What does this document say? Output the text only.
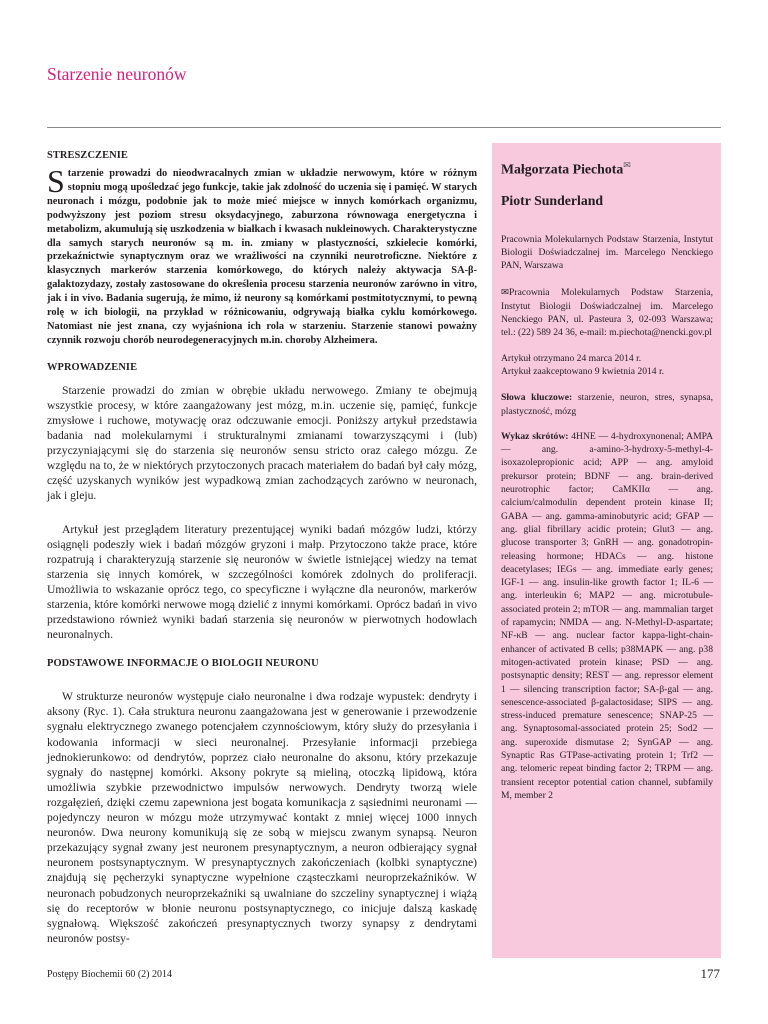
Starzenie neuronów
STRESZCZENIE

Starzenie prowadzi do nieodwracalnych zmian w układzie nerwowym, które w różnym stopniu mogą upośledzać jego funkcje, takie jak zdolność do uczenia się i pamięć. W starych neuronach i mózgu, podobnie jak to może mieć miejsce w innych komórkach organizmu, podwyższony jest poziom stresu oksydacyjnego, zaburzona równowaga energetyczna i metabolizm, akumulują się uszkodzenia w białkach i kwasach nukleinowych. Charakterystyczne dla samych starych neuronów są m. in. zmiany w plastyczności, szkielecie komórki, przekaźnictwie synaptycznym oraz we wrażliwości na czynniki neurotroficzne. Niektóre z klasycznych markerów starzenia komórkowego, do których należy aktywacja SA-β-galaktozydazy, zostały zastosowane do określenia procesu starzenia neuronów zarówno in vitro, jak i in vivo. Badania sugerują, że mimo, iż neurony są komórkami postmitotycznymi, to pewną rolę w ich biologii, na przykład w różnicowaniu, odgrywają białka cyklu komórkowego. Natomiast nie jest znana, czy wyjaśniona ich rola w starzeniu. Starzenie stanowi poważny czynnik rozwoju chorób neurodegeneracyjnych m.in. choroby Alzheimera.

WPROWADZENIE

Starzenie prowadzi do zmian w obrębie układu nerwowego. Zmiany te obejmują wszystkie procesy, w które zaangażowany jest mózg, m.in. uczenie się, pamięć, funkcje zmysłowe i ruchowe, motywację oraz odczuwanie emocji. Poniższy artykuł przedstawia badania nad molekularnymi i strukturalnymi zmianami towarzyszącymi i (lub) przyczyniającymi się do starzenia się neuronów sensu stricto oraz całego mózgu. Ze względu na to, że w niektórych przytoczonych pracach materiałem do badań był cały mózg, część uzyskanych wyników jest wypadkową zmian zachodzących zarówno w neuronach, jak i gleju.

Artykuł jest przeglądem literatury prezentującej wyniki badań mózgów ludzi, którzy osiągnęli podeszły wiek i badań mózgów gryzoni i małp. Przytoczono także prace, które rozpatrują i charakteryzują starzenie się neuronów w świetle istniejącej wiedzy na temat starzenia się innych komórek, w szczególności komórek zdolnych do proliferacji. Umożliwia to wskazanie oprócz tego, co specyficzne i wyłączne dla neuronów, markerów starzenia, które komórki nerwowe mogą dzielić z innymi komórkami. Oprócz badań in vivo przedstawiono również wyniki badań starzenia się neuronów w pierwotnych hodowlach neuronalnych.

PODSTAWOWE INFORMACJE O BIOLOGII NEURONU

W strukturze neuronów występuje ciało neuronalne i dwa rodzaje wypustek: dendryty i aksony (Ryc. 1). Cała struktura neuronu zaangażowana jest w generowanie i przewodzenie sygnału elektrycznego zwanego potencjałem czynnościowym, który służy do przesyłania i kodowania informacji w sieci neuronalnej. Przesyłanie informacji przebiega jednokierunkowo: od dendrytów, poprzez ciało neuronalne do aksonu, który przekazuje sygnały do następnej komórki. Aksony pokryte są mieliną, otoczką lipidową, która umożliwia szybkie przewodnictwo impulsów nerwowych. Dendryty tworzą wiele rozgałęzień, dzięki czemu zapewniona jest bogata komunikacja z sąsiednimi neuronami — pojedynczy neuron w mózgu może utrzymywać kontakt z mniej więcej 1000 innych neuronów. Dwa neurony komunikują się ze sobą w miejscu zwanym synapsą. Neuron przekazujący sygnał zwany jest neuronem presynaptycznym, a neuron odbierający sygnał neuronem postsynaptycznym. W presynaptycznych zakończeniach (kolbki synaptyczne) znajdują się pęcherzyki synaptyczne wypełnione cząsteczkami neuroprzekaźników. W neuronach pobudzonych neuroprzekaźniki są uwalniane do szczeliny synaptycznej i wiążą się do receptorów w błonie neuronu postsynaptycznego, co inicjuje dalszą kaskadę sygnałową. Większość zakończeń presynaptycznych tworzy synapsy z dendrytami neuronów postsy-

Małgorzata Piechota✉

Piotr Sunderland

Pracownia Molekularnych Podstaw Starzenia, Instytut Biologii Doświadczalnej im. Marcelego Nenckiego PAN, Warszawa

✉Pracownia Molekularnych Podstaw Starzenia, Instytut Biologii Doświadczalnej im. Marcelego Nenckiego PAN, ul. Pasteura 3, 02-093 Warszawa; tel.: (22) 589 24 36, e-mail: m.piechota@nencki.gov.pl

Artykuł otrzymano 24 marca 2014 r.

Artykuł zaakceptowano 9 kwietnia 2014 r.

Słowa kluczowe: starzenie, neuron, stres, synapsa, plastyczność, mózg

Wykaz skrótów: 4HNE — 4-hydroxynonenal; AMPA — ang. a-amino-3-hydroxy-5-methyl-4-isoxazolepropionic acid; APP — ang. amyloid prekursor protein; BDNF — ang. brain-derived neurotrophic factor; CaMKIIα — ang. calcium/calmodulin dependent protein kinase II; GABA — ang. gamma-aminobutyric acid; GFAP — ang. glial fibrillary acidic protein; Glut3 — ang. glucose transporter 3; GnRH — ang. gonadotropin-releasing hormone; HDACs — ang. histone deacetylases; IEGs — ang. immediate early genes; IGF-1 — ang. insulin-like growth factor 1; IL-6 — ang. interleukin 6; MAP2 — ang. microtubule-associated protein 2; mTOR — ang. mammalian target of rapamycin; NMDA — ang. N-Methyl-D-aspartate; NF-κB — ang. nuclear factor kappa-light-chain-enhancer of activated B cells; p38MAPK — ang. p38 mitogen-activated protein kinase; PSD — ang. postsynaptic density; REST — ang. repressor element 1 — silencing transcription factor; SA-β-gal — ang. senescence-associated β-galactosidase; SIPS — ang. stress-induced premature senescence; SNAP-25 — ang. Synaptosomal-associated protein 25; Sod2 — ang. superoxide dismutase 2; SynGAP — ang. Synaptic Ras GTPase-activating protein 1; Trf2 — ang. telomeric repeat binding factor 2; TRPM — ang. transient receptor potential cation channel, subfamily M, member 2

Postępy Biochemii 60 (2) 2014	177
